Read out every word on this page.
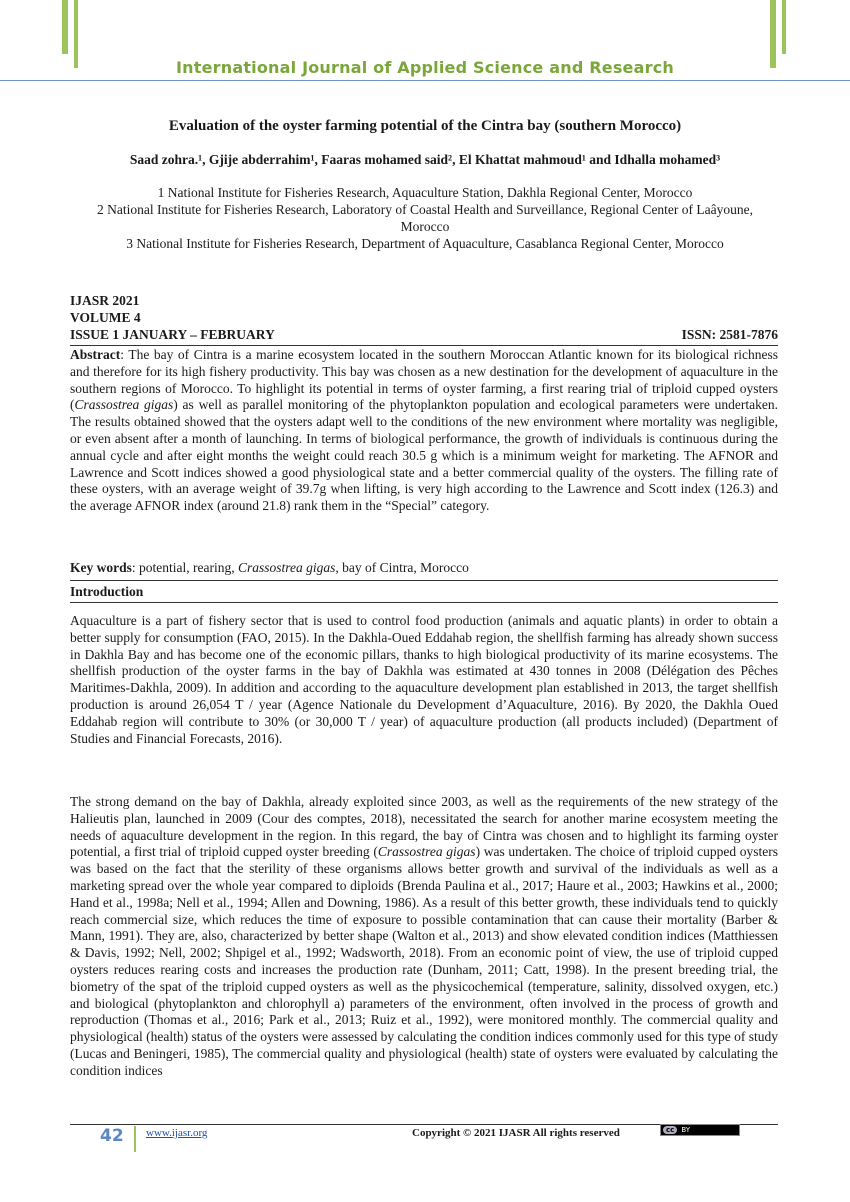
International Journal of Applied Science and Research
Evaluation of the oyster farming potential of the Cintra bay (southern Morocco)
Saad zohra.¹, Gjije abderrahim¹, Faaras mohamed said², El Khattat mahmoud¹ and Idhalla mohamed³
1 National Institute for Fisheries Research, Aquaculture Station, Dakhla Regional Center, Morocco
2 National Institute for Fisheries Research, Laboratory of Coastal Health and Surveillance, Regional Center of Laâyoune, Morocco
3 National Institute for Fisheries Research, Department of Aquaculture, Casablanca Regional Center, Morocco
IJASR 2021
VOLUME 4
ISSUE 1 JANUARY – FEBRUARY	ISSN: 2581-7876
Abstract: The bay of Cintra is a marine ecosystem located in the southern Moroccan Atlantic known for its biological richness and therefore for its high fishery productivity. This bay was chosen as a new destination for the development of aquaculture in the southern regions of Morocco. To highlight its potential in terms of oyster farming, a first rearing trial of triploid cupped oysters (Crassostrea gigas) as well as parallel monitoring of the phytoplankton population and ecological parameters were undertaken. The results obtained showed that the oysters adapt well to the conditions of the new environment where mortality was negligible, or even absent after a month of launching. In terms of biological performance, the growth of individuals is continuous during the annual cycle and after eight months the weight could reach 30.5 g which is a minimum weight for marketing. The AFNOR and Lawrence and Scott indices showed a good physiological state and a better commercial quality of the oysters. The filling rate of these oysters, with an average weight of 39.7g when lifting, is very high according to the Lawrence and Scott index (126.3) and the average AFNOR index (around 21.8) rank them in the “Special” category.
Key words: potential, rearing, Crassostrea gigas, bay of Cintra, Morocco
Introduction
Aquaculture is a part of fishery sector that is used to control food production (animals and aquatic plants) in order to obtain a better supply for consumption (FAO, 2015). In the Dakhla-Oued Eddahab region, the shellfish farming has already shown success in Dakhla Bay and has become one of the economic pillars, thanks to high biological productivity of its marine ecosystems. The shellfish production of the oyster farms in the bay of Dakhla was estimated at 430 tonnes in 2008 (Délégation des Pêches Maritimes-Dakhla, 2009). In addition and according to the aquaculture development plan established in 2013, the target shellfish production is around 26,054 T / year (Agence Nationale du Development d’Aquaculture, 2016). By 2020, the Dakhla Oued Eddahab region will contribute to 30% (or 30,000 T / year) of aquaculture production (all products included) (Department of Studies and Financial Forecasts, 2016).
The strong demand on the bay of Dakhla, already exploited since 2003, as well as the requirements of the new strategy of the Halieutis plan, launched in 2009 (Cour des comptes, 2018), necessitated the search for another marine ecosystem meeting the needs of aquaculture development in the region. In this regard, the bay of Cintra was chosen and to highlight its farming oyster potential, a first trial of triploid cupped oyster breeding (Crassostrea gigas) was undertaken. The choice of triploid cupped oysters was based on the fact that the sterility of these organisms allows better growth and survival of the individuals as well as a marketing spread over the whole year compared to diploids (Brenda Paulina et al., 2017; Haure et al., 2003; Hawkins et al., 2000; Hand et al., 1998a; Nell et al., 1994; Allen and Downing, 1986). As a result of this better growth, these individuals tend to quickly reach commercial size, which reduces the time of exposure to possible contamination that can cause their mortality (Barber & Mann, 1991). They are, also, characterized by better shape (Walton et al., 2013) and show elevated condition indices (Matthiessen & Davis, 1992; Nell, 2002; Shpigel et al., 1992; Wadsworth, 2018). From an economic point of view, the use of triploid cupped oysters reduces rearing costs and increases the production rate (Dunham, 2011; Catt, 1998). In the present breeding trial, the biometry of the spat of the triploid cupped oysters as well as the physicochemical (temperature, salinity, dissolved oxygen, etc.) and biological (phytoplankton and chlorophyll a) parameters of the environment, often involved in the process of growth and reproduction (Thomas et al., 2016; Park et al., 2013; Ruiz et al., 1992), were monitored monthly. The commercial quality and physiological (health) status of the oysters were assessed by calculating the condition indices commonly used for this type of study (Lucas and Beningeri, 1985), The commercial quality and physiological (health) state of oysters were evaluated by calculating the condition indices
42 www.ijasr.org	Copyright © 2021 IJASR All rights reserved	cc	BY
